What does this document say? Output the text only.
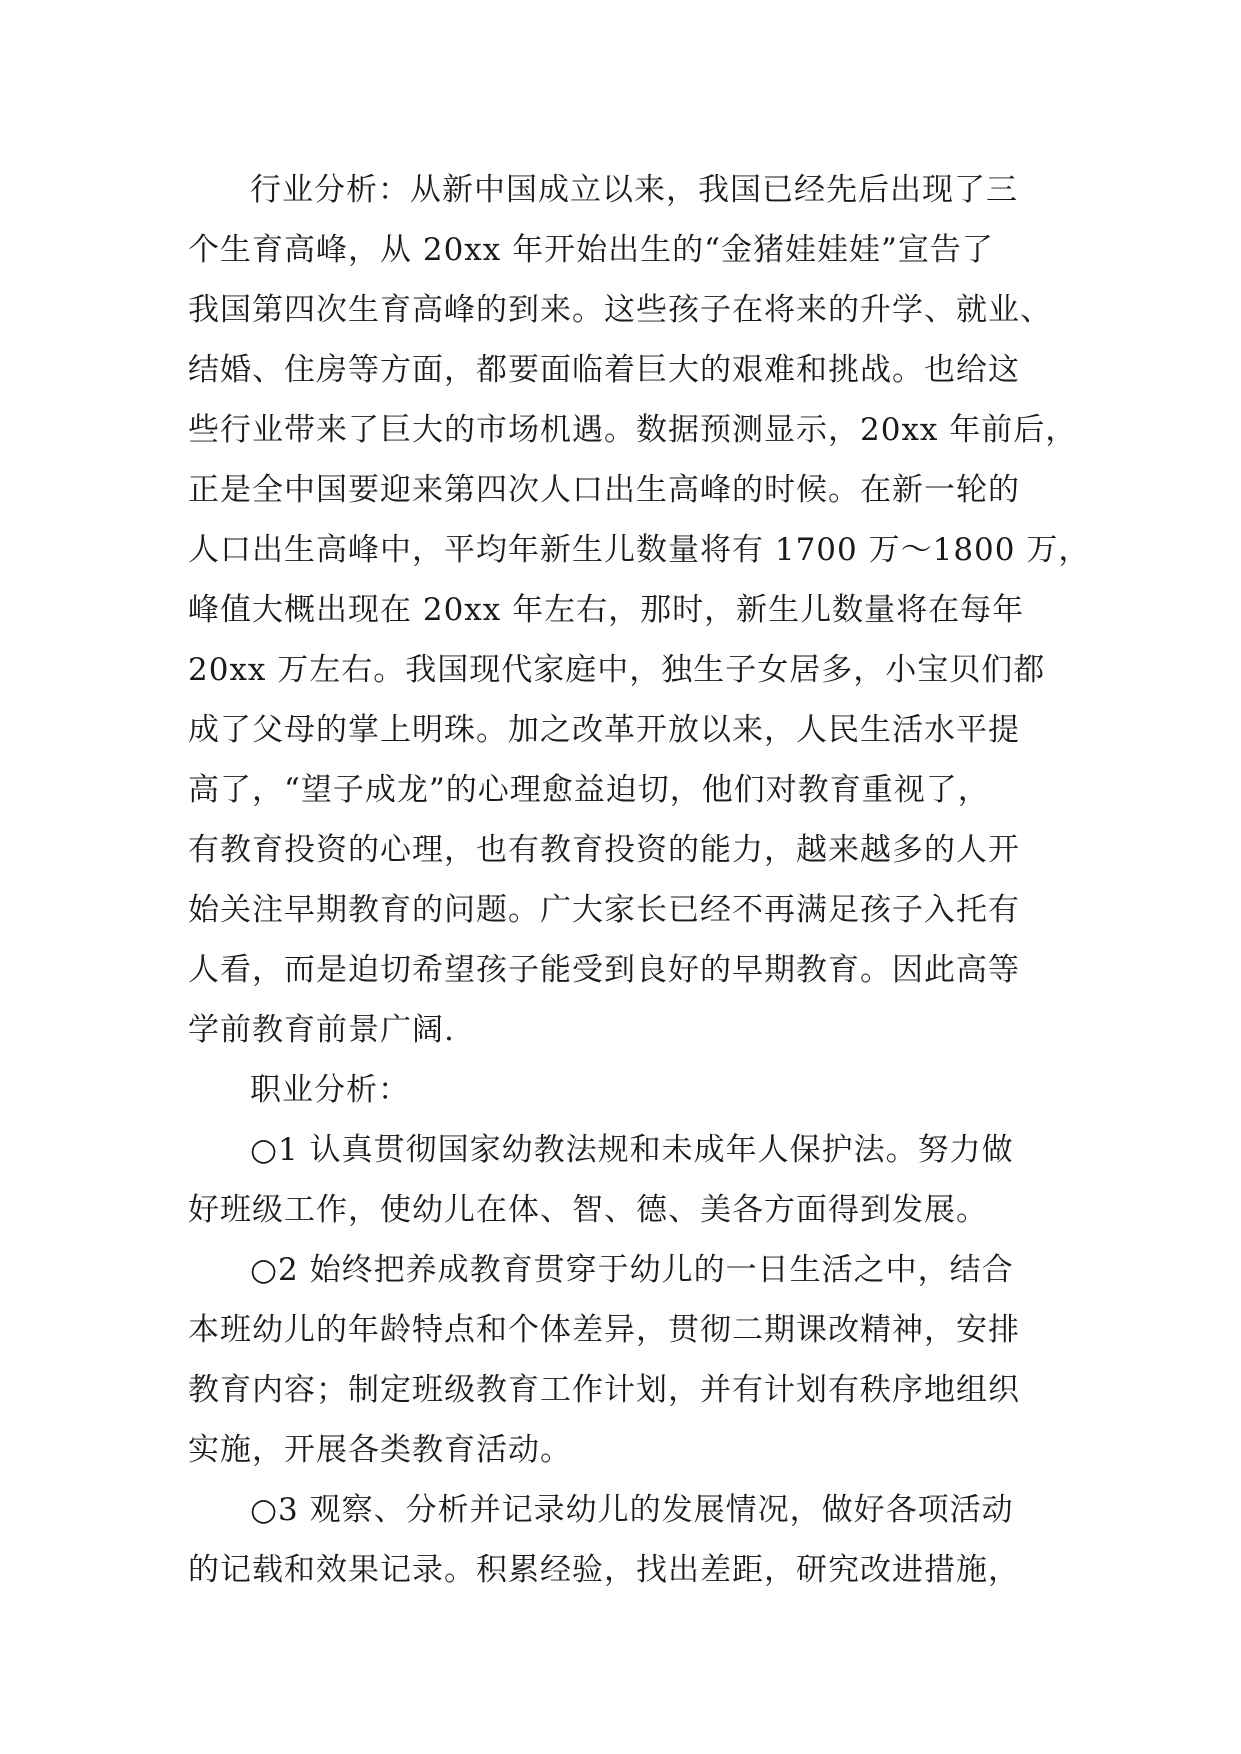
行业分析：从新中国成立以来，我国已经先后出现了三
个生育高峰，从 20xx 年开始出生的“金猪娃娃娃”宣告了
我国第四次生育高峰的到来。这些孩子在将来的升学、就业、
结婚、住房等方面，都要面临着巨大的艰难和挑战。也给这
些行业带来了巨大的市场机遇。数据预测显示，20xx 年前后，
正是全中国要迎来第四次人口出生高峰的时候。在新一轮的
人口出生高峰中，平均年新生儿数量将有 1700 万～1800 万，
峰值大概出现在 20xx 年左右，那时，新生儿数量将在每年
20xx 万左右。我国现代家庭中，独生子女居多，小宝贝们都
成了父母的掌上明珠。加之改革开放以来，人民生活水平提
高了，“望子成龙”的心理愈益迫切，他们对教育重视了，
有教育投资的心理，也有教育投资的能力，越来越多的人开
始关注早期教育的问题。广大家长已经不再满足孩子入托有
人看，而是迫切希望孩子能受到良好的早期教育。因此高等
学前教育前景广阔.
职业分析：
○1 认真贯彻国家幼教法规和未成年人保护法。努力做
好班级工作，使幼儿在体、智、德、美各方面得到发展。
○2 始终把养成教育贯穿于幼儿的一日生活之中，结合
本班幼儿的年龄特点和个体差异，贯彻二期课改精神，安排
教育内容；制定班级教育工作计划，并有计划有秩序地组织
实施，开展各类教育活动。
○3 观察、分析并记录幼儿的发展情况，做好各项活动
的记载和效果记录。积累经验，找出差距，研究改进措施，
